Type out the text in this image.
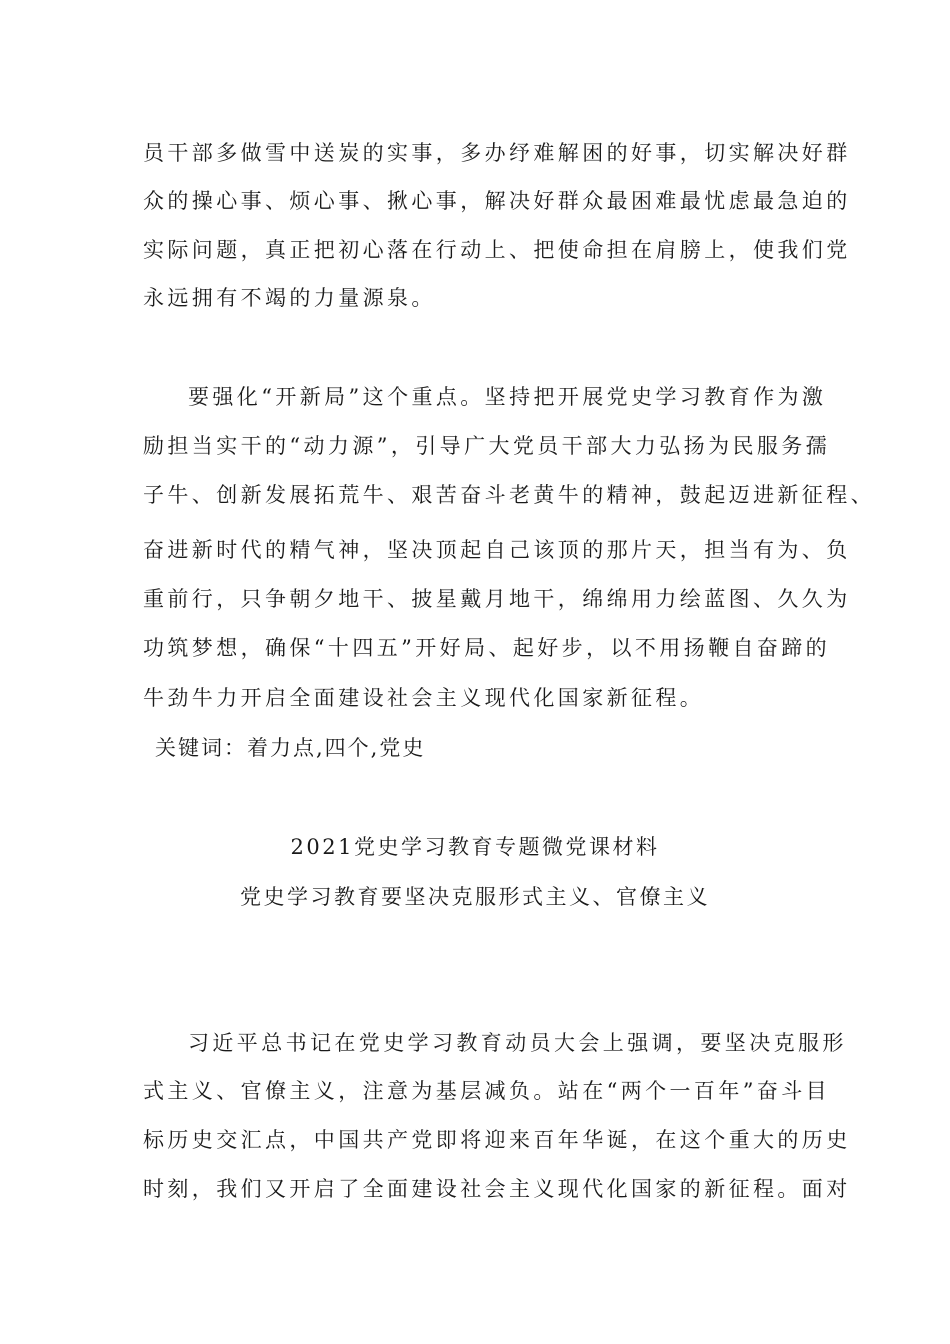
员干部多做雪中送炭的实事，多办纾难解困的好事，切实解决好群
众的操心事、烦心事、揪心事，解决好群众最困难最忧虑最急迫的
实际问题，真正把初心落在行动上、把使命担在肩膀上，使我们党
永远拥有不竭的力量源泉。
要强化“开新局”这个重点。坚持把开展党史学习教育作为激
励担当实干的“动力源”，引导广大党员干部大力弘扬为民服务孺
子牛、创新发展拓荒牛、艰苦奋斗老黄牛的精神，鼓起迈进新征程、
奋进新时代的精气神，坚决顶起自己该顶的那片天，担当有为、负
重前行，只争朝夕地干、披星戴月地干，绵绵用力绘蓝图、久久为
功筑梦想，确保“十四五”开好局、起好步，以不用扬鞭自奋蹄的
牛劲牛力开启全面建设社会主义现代化国家新征程。
关键词：着力点,四个,党史
2021党史学习教育专题微党课材料
党史学习教育要坚决克服形式主义、官僚主义
习近平总书记在党史学习教育动员大会上强调，要坚决克服形
式主义、官僚主义，注意为基层减负。站在“两个一百年”奋斗目
标历史交汇点，中国共产党即将迎来百年华诞，在这个重大的历史
时刻，我们又开启了全面建设社会主义现代化国家的新征程。面对
